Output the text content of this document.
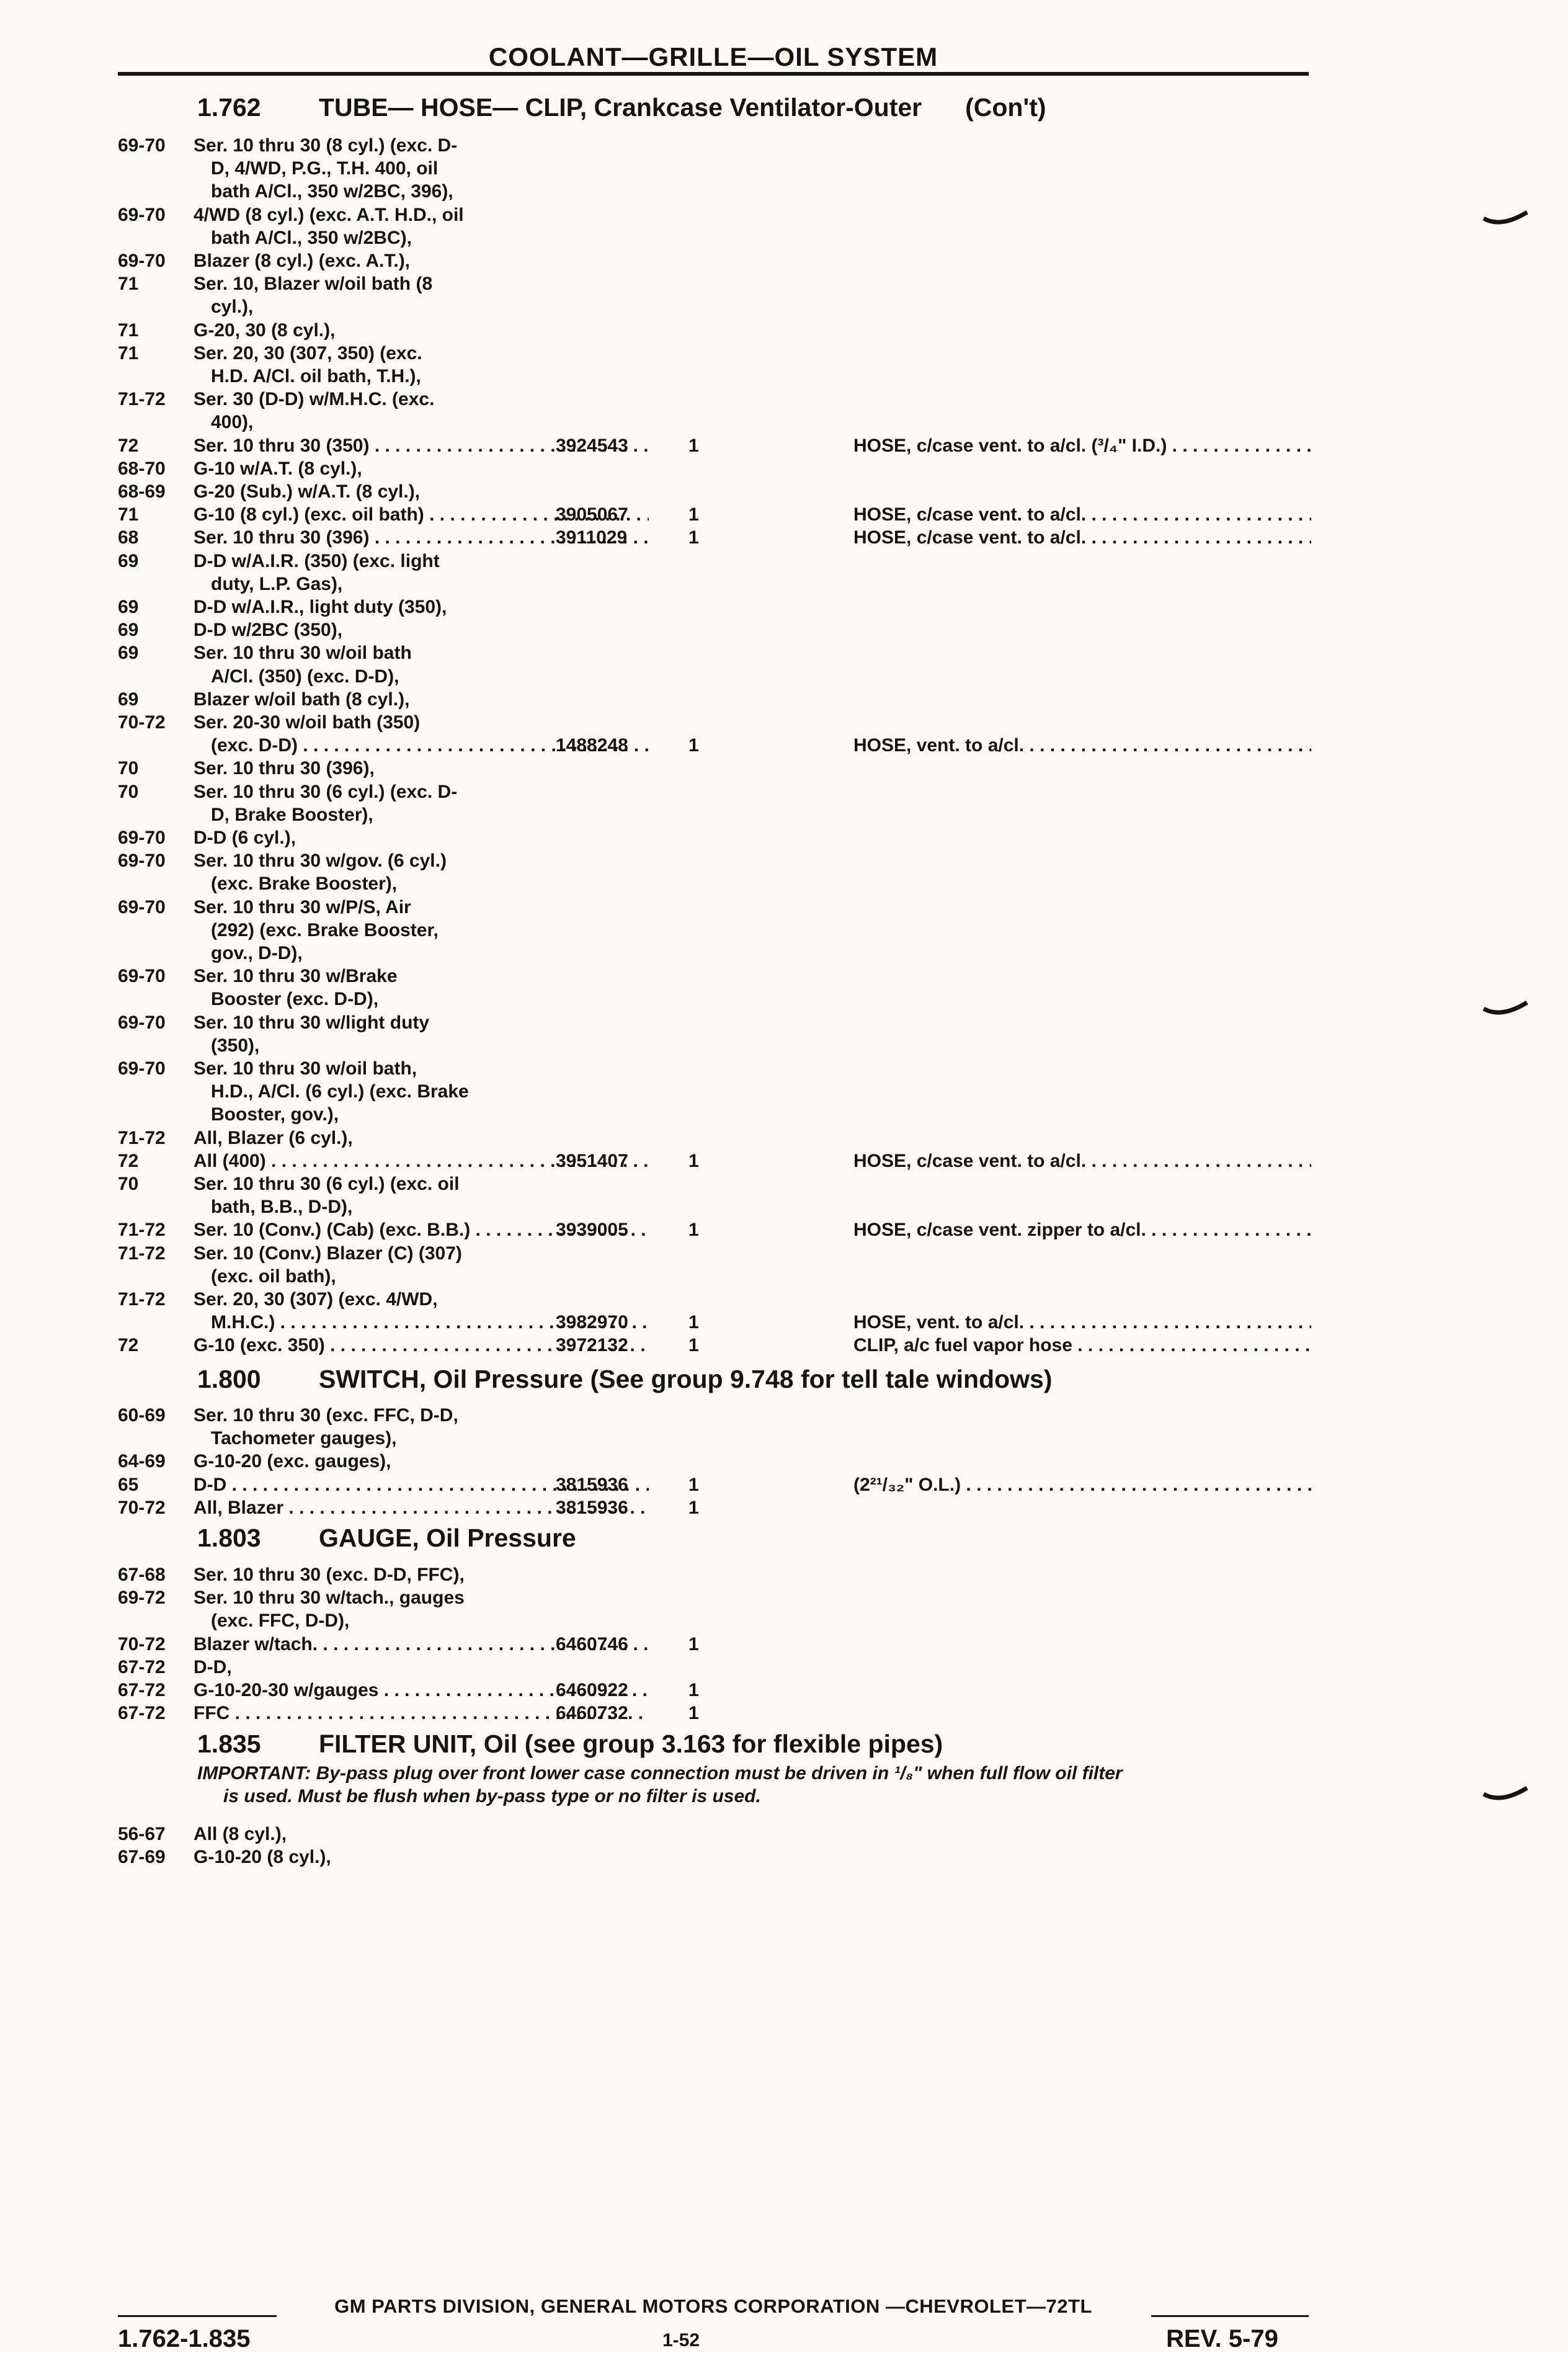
COOLANT—GRILLE—OIL SYSTEM
1.762 TUBE— HOSE— CLIP, Crankcase Ventilator-Outer (Con't)
69-70 Ser. 10 thru 30 (8 cyl.) (exc. D-
D, 4/WD, P.G., T.H. 400, oil
bath A/Cl., 350 w/2BC, 396),
69-70 4/WD (8 cyl.) (exc. A.T. H.D., oil
bath A/Cl., 350 w/2BC),
69-70 Blazer (8 cyl.) (exc. A.T.),
71	Ser. 10, Blazer w/oil bath (8
cyl.),
71	G-20, 30 (8 cyl.),
71	Ser. 20, 30 (307, 350) (exc.
H.D. A/Cl. oil bath, T.H.),
71-72 Ser. 30 (D-D) w/M.H.C. (exc.
400),
72	Ser. 10 thru 30 (350) . . .	3924543	1	HOSE, c/case vent. to a/cl. (³/₄" I.D.) . . .
68-70 G-10 w/A.T. (8 cyl.),
68-69 G-20 (Sub.) w/A.T. (8 cyl.),
71	G-10 (8 cyl.) (exc. oil bath) . . .	3905067	1	HOSE, c/case vent. to a/cl. . . .
68	Ser. 10 thru 30 (396) . . .	3911029	1	HOSE, c/case vent. to a/cl. . . .
69	D-D w/A.I.R. (350) (exc. light
duty, L.P. Gas),
69	D-D w/A.I.R., light duty (350),
69	D-D w/2BC (350),
69	Ser. 10 thru 30 w/oil bath
A/Cl. (350) (exc. D-D),
69	Blazer w/oil bath (8 cyl.),
70-72 Ser. 20-30 w/oil bath (350)
(exc. D-D) . . .	1488248	1	HOSE, vent. to a/cl. . . .
70	Ser. 10 thru 30 (396),
70	Ser. 10 thru 30 (6 cyl.) (exc. D-
D, Brake Booster),
69-70 D-D (6 cyl.),
69-70 Ser. 10 thru 30 w/gov. (6 cyl.)
(exc. Brake Booster),
69-70 Ser. 10 thru 30 w/P/S, Air
(292) (exc. Brake Booster,
gov., D-D),
69-70 Ser. 10 thru 30 w/Brake
Booster (exc. D-D),
69-70 Ser. 10 thru 30 w/light duty
(350),
69-70 Ser. 10 thru 30 w/oil bath,
H.D., A/Cl. (6 cyl.) (exc. Brake
Booster, gov.),
71-72 All, Blazer (6 cyl.),
72	All (400) . . .	3951407	1	HOSE, c/case vent. to a/cl. . . .
70	Ser. 10 thru 30 (6 cyl.) (exc. oil
bath, B.B., D-D),
71-72 Ser. 10 (Conv.) (Cab) (exc. B.B.) . . .	3939005	1	HOSE, c/case vent. zipper to a/cl. . . .
71-72 Ser. 10 (Conv.) Blazer (C) (307)
(exc. oil bath),
71-72 Ser. 20, 30 (307) (exc. 4/WD,
M.H.C.) . . .	3982970	1	HOSE, vent. to a/cl. . . .
72	G-10 (exc. 350) . . .	3972132	1	CLIP, a/c fuel vapor hose . . .
60-69 Ser. 10 thru 30 (exc. FFC, D-D,
Tachometer gauges),
64-69 G-10-20 (exc. gauges),
65	D-D . . .	3815936	1	(2²¹/₃₂" O.L.) . . .
70-72 All, Blazer . . .	3815936	1
67-68 Ser. 10 thru 30 (exc. D-D, FFC),
69-72 Ser. 10 thru 30 w/tach., gauges
(exc. FFC, D-D),
70-72 Blazer w/tach. . . .	6460746	1
67-72 D-D,
67-72 G-10-20-30 w/gauges . . .	6460922	1
67-72 FFC . . .	6460732	1
56-67 All (8 cyl.),
67-69 G-10-20 (8 cyl.),
1.800 SWITCH, Oil Pressure (See group 9.748 for tell tale windows)
1.803 GAUGE, Oil Pressure
1.835 FILTER UNIT, Oil (see group 3.163 for flexible pipes)
IMPORTANT: By-pass plug over front lower case connection must be driven in ¹/₈" when full flow oil filter
is used. Must be flush when by-pass type or no filter is used.
GM PARTS DIVISION, GENERAL MOTORS CORPORATION —CHEVROLET—72TL
1.762-1.835	1-52	REV. 5-79
